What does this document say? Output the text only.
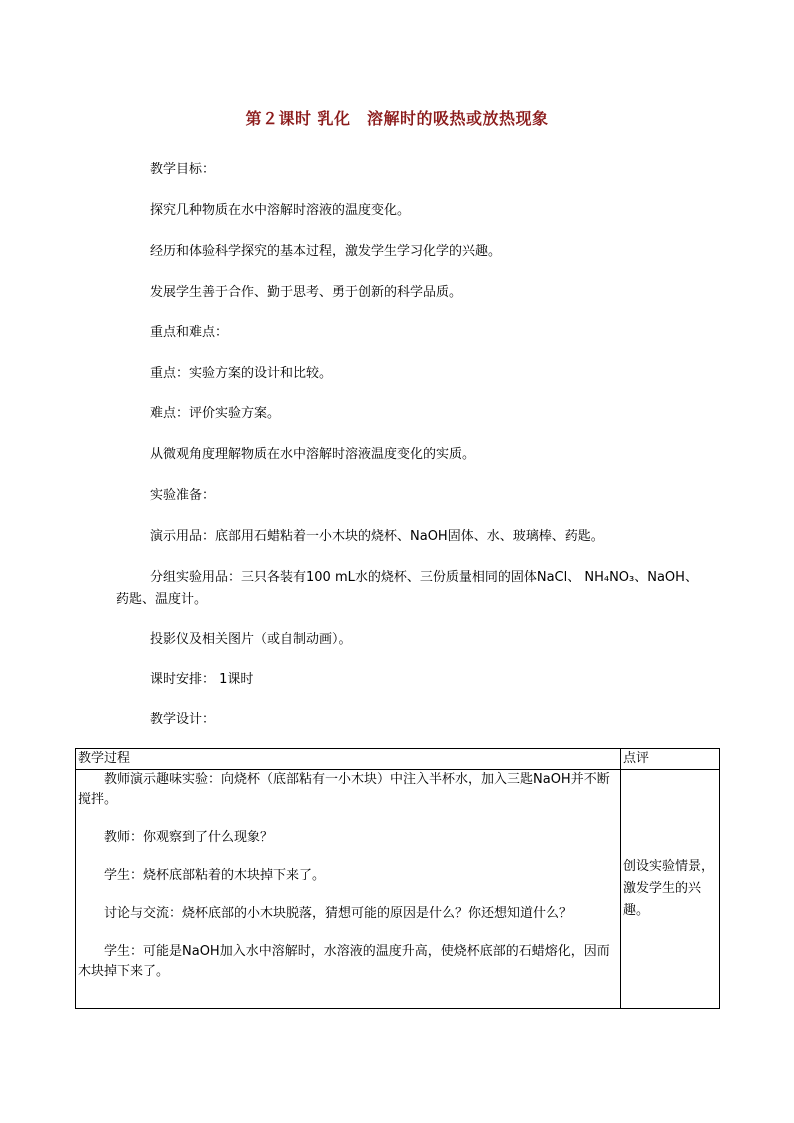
第２课时 乳化　溶解时的吸热或放热现象
教学目标：
探究几种物质在水中溶解时溶液的温度变化。
经历和体验科学探究的基本过程，激发学生学习化学的兴趣。
发展学生善于合作、勤于思考、勇于创新的科学品质。
重点和难点：
重点：实验方案的设计和比较。
难点：评价实验方案。
从微观角度理解物质在水中溶解时溶液温度变化的实质。
实验准备：
演示用品：底部用石蜡粘着一小木块的烧杯、NaOH固体、水、玻璃棒、药匙。
分组实验用品：三只各装有100 mL水的烧杯、三份质量相同的固体NaCl、 NH₄NO₃、NaOH、
药匙、温度计。
投影仪及相关图片（或自制动画）。
课时安排： 1课时
教学设计：
教学过程	点评

教师演示趣味实验：向烧杯（底部粘有一小木块）中注入半杯水，加入三匙NaOH并不断搅拌。

教师：你观察到了什么现象？

学生：烧杯底部粘着的木块掉下来了。

讨论与交流：烧杯底部的小木块脱落，猜想可能的原因是什么？你还想知道什么？

学生：可能是NaOH加入水中溶解时，水溶液的温度升高，使烧杯底部的石蜡熔化，因而木块掉下来了。	创设实验情景，激发学生的兴趣。
